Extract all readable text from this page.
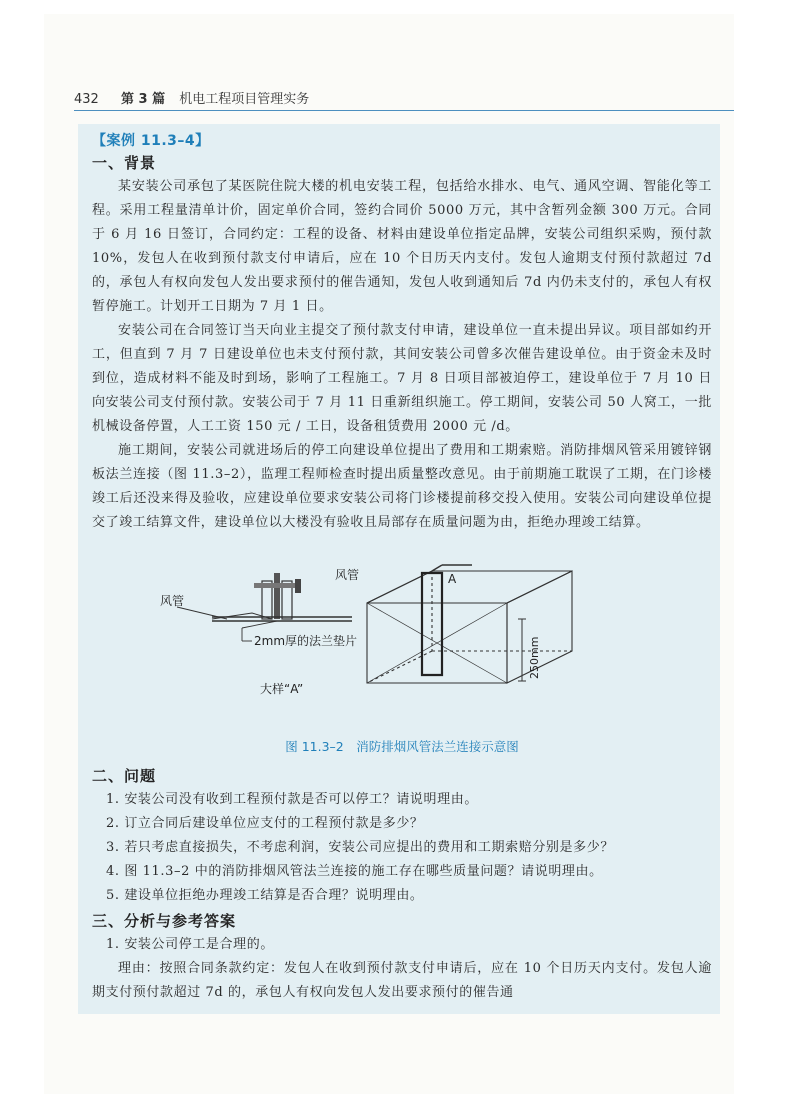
432 第 3 篇 机电工程项目管理实务
【案例 11.3–4】
一、背景

某安装公司承包了某医院住院大楼的机电安装工程，包括给水排水、电气、通风空调、智能化等工程。采用工程量清单计价，固定单价合同，签约合同价 5000 万元，其中含暂列金额 300 万元。合同于 6 月 16 日签订，合同约定：工程的设备、材料由建设单位指定品牌，安装公司组织采购，预付款 10%，发包人在收到预付款支付申请后，应在 10 个日历天内支付。发包人逾期支付预付款超过 7d 的，承包人有权向发包人发出要求预付的催告通知，发包人收到通知后 7d 内仍未支付的，承包人有权暂停施工。计划开工日期为 7 月 1 日。

安装公司在合同签订当天向业主提交了预付款支付申请，建设单位一直未提出异议。项目部如约开工，但直到 7 月 7 日建设单位也未支付预付款，其间安装公司曾多次催告建设单位。由于资金未及时到位，造成材料不能及时到场，影响了工程施工。7 月 8 日项目部被迫停工，建设单位于 7 月 10 日向安装公司支付预付款。安装公司于 7 月 11 日重新组织施工。停工期间，安装公司 50 人窝工，一批机械设备停置，人工工资 150 元 / 工日，设备租赁费用 2000 元 /d。

施工期间，安装公司就进场后的停工向建设单位提出了费用和工期索赔。消防排烟风管采用镀锌钢板法兰连接（图 11.3–2），监理工程师检查时提出质量整改意见。由于前期施工耽误了工期，在门诊楼竣工后还没来得及验收，应建设单位要求安装公司将门诊楼提前移交投入使用。安装公司向建设单位提交了竣工结算文件，建设单位以大楼没有验收且局部存在质量问题为由，拒绝办理竣工结算。

风管
2mm厚的法兰垫片
大样“A”
风管	A
250mm
图 11.3–2　消防排烟风管法兰连接示意图
二、问题

1. 安装公司没有收到工程预付款是否可以停工？请说明理由。

2. 订立合同后建设单位应支付的工程预付款是多少？

3. 若只考虑直接损失，不考虑利润，安装公司应提出的费用和工期索赔分别是多少？

4. 图 11.3–2 中的消防排烟风管法兰连接的施工存在哪些质量问题？请说明理由。

5. 建设单位拒绝办理竣工结算是否合理？说明理由。

三、分析与参考答案

1. 安装公司停工是合理的。

理由：按照合同条款约定：发包人在收到预付款支付申请后，应在 10 个日历天内支付。发包人逾期支付预付款超过 7d 的，承包人有权向发包人发出要求预付的催告通
